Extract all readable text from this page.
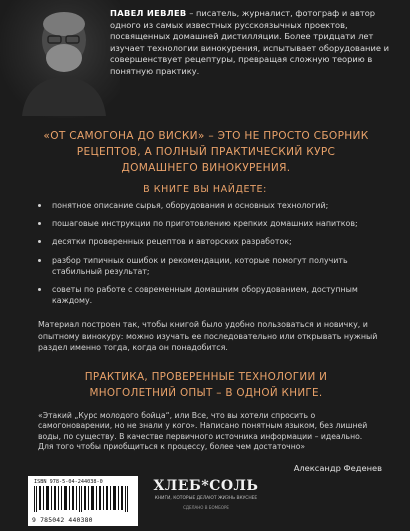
ПАВЕЛ ИЕВЛЕВ – писатель, журналист, фотограф и автор одного из самых известных русскоязычных проектов, посвященных домашней дистилляции. Более тридцати лет изучает технологии винокурения, испытывает оборудование и совершенствует рецептуры, превращая сложную теорию в понятную практику.
«ОТ САМОГОНА ДО ВИСКИ» – ЭТО НЕ ПРОСТО СБОРНИК РЕЦЕПТОВ, А ПОЛНЫЙ ПРАКТИЧЕСКИЙ КУРС ДОМАШНЕГО ВИНОКУРЕНИЯ.
В КНИГЕ ВЫ НАЙДЕТЕ:
понятное описание сырья, оборудования и основных технологий;
пошаговые инструкции по приготовлению крепких домашних напитков;
десятки проверенных рецептов и авторских разработок;
разбор типичных ошибок и рекомендации, которые помогут получить стабильный результат;
советы по работе с современным домашним оборудованием, доступным каждому.
Материал построен так, чтобы книгой было удобно пользоваться и новичку, и опытному винокуру: можно изучать ее последовательно или открывать нужный раздел именно тогда, когда он понадобится.
ПРАКТИКА, ПРОВЕРЕННЫЕ ТЕХНОЛОГИИ И МНОГОЛЕТНИЙ ОПЫТ – В ОДНОЙ КНИГЕ.
«Этакий „Курс молодого бойца“, или Все, что вы хотели спросить о самогоноварении, но не знали у кого». Написано понятным языком, без лишней воды, по существу. В качестве первичного источника информации – идеально. Для того чтобы приобщиться к процессу, более чем достаточно»
Александр Феденев
ISBN 978-5-04-244038-0
9 785042 440380
ХЛЕБ*СОЛЬ
КНИГИ, КОТОРЫЕ ДЕЛАЮТ ЖИЗНЬ ВКУСНЕЕ
СДЕЛАНО В БОМБОРЕ
